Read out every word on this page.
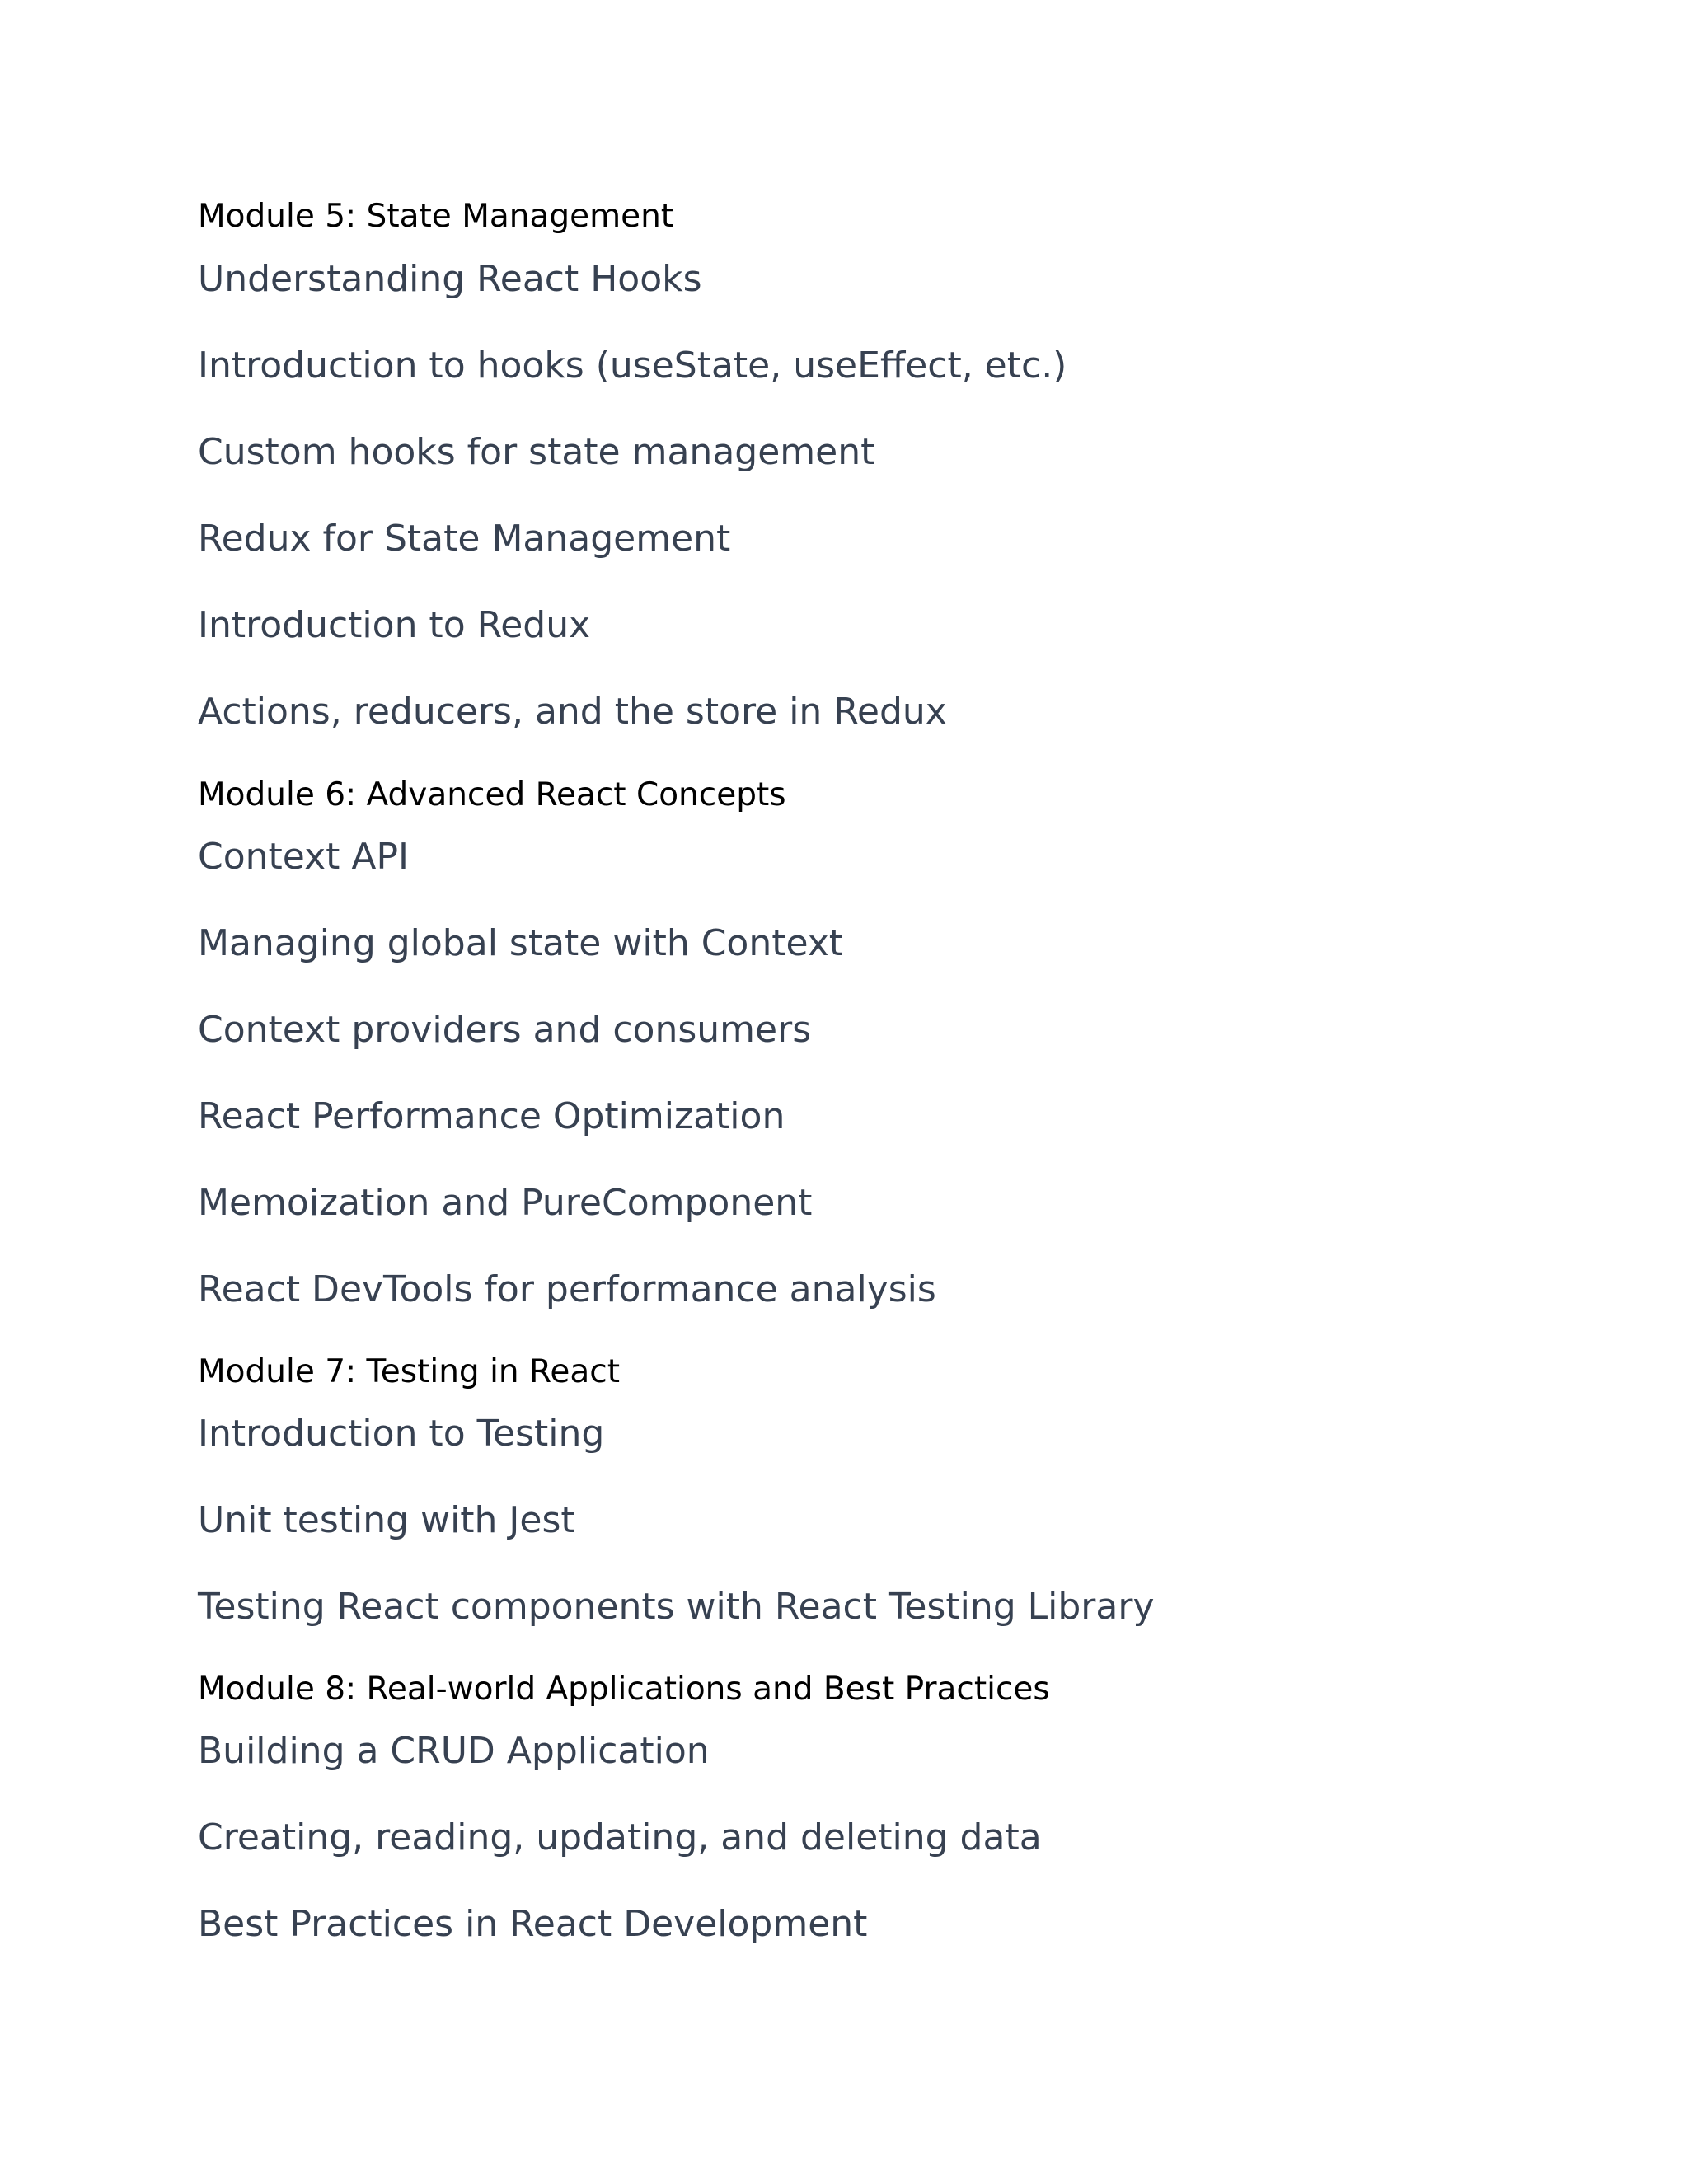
Module 5: State Management
Understanding React Hooks
Introduction to hooks (useState, useEffect, etc.)
Custom hooks for state management
Redux for State Management
Introduction to Redux
Actions, reducers, and the store in Redux
Module 6: Advanced React Concepts
Context API
Managing global state with Context
Context providers and consumers
React Performance Optimization
Memoization and PureComponent
React DevTools for performance analysis
Module 7: Testing in React
Introduction to Testing
Unit testing with Jest
Testing React components with React Testing Library
Module 8: Real-world Applications and Best Practices
Building a CRUD Application
Creating, reading, updating, and deleting data
Best Practices in React Development
